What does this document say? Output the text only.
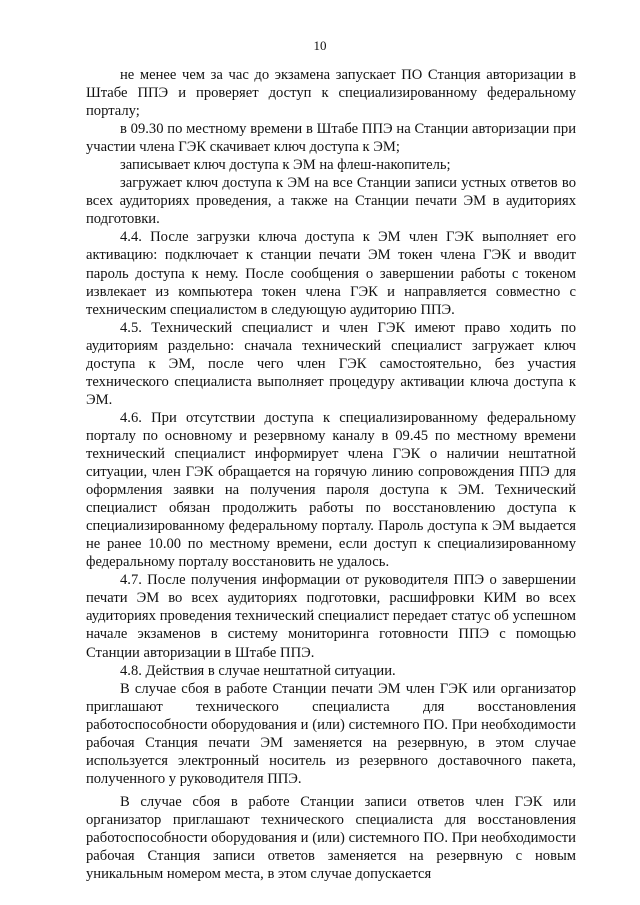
10

не менее чем за час до экзамена запускает ПО Станция авторизации в Штабе ППЭ и проверяет доступ к специализированному федеральному порталу;

в 09.30 по местному времени в Штабе ППЭ на Станции авторизации при участии члена ГЭК скачивает ключ доступа к ЭМ;

записывает ключ доступа к ЭМ на флеш-накопитель;

загружает ключ доступа к ЭМ на все Станции записи устных ответов во всех аудиториях проведения, а также на Станции печати ЭМ в аудиториях подготовки.

4.4. После загрузки ключа доступа к ЭМ член ГЭК выполняет его активацию: подключает к станции печати ЭМ токен члена ГЭК и вводит пароль доступа к нему. После сообщения о завершении работы с токеном извлекает из компьютера токен члена ГЭК и направляется совместно с техническим специалистом в следующую аудиторию ППЭ.

4.5. Технический специалист и член ГЭК имеют право ходить по аудиториям раздельно: сначала технический специалист загружает ключ доступа к ЭМ, после чего член ГЭК самостоятельно, без участия технического специалиста выполняет процедуру активации ключа доступа к ЭМ.

4.6. При отсутствии доступа к специализированному федеральному порталу по основному и резервному каналу в 09.45 по местному времени технический специалист информирует члена ГЭК о наличии нештатной ситуации, член ГЭК обращается на горячую линию сопровождения ППЭ для оформления заявки на получения пароля доступа к ЭМ. Технический специалист обязан продолжить работы по восстановлению доступа к специализированному федеральному порталу. Пароль доступа к ЭМ выдается не ранее 10.00 по местному времени, если доступ к специализированному федеральному порталу восстановить не удалось.

4.7. После получения информации от руководителя ППЭ о завершении печати ЭМ во всех аудиториях подготовки, расшифровки КИМ во всех аудиториях проведения технический специалист передает статус об успешном начале экзаменов в систему мониторинга готовности ППЭ с помощью Станции авторизации в Штабе ППЭ.

4.8. Действия в случае нештатной ситуации.

В случае сбоя в работе Станции печати ЭМ член ГЭК или организатор приглашают технического специалиста для восстановления работоспособности оборудования и (или) системного ПО. При необходимости рабочая Станция печати ЭМ заменяется на резервную, в этом случае используется электронный носитель из резервного доставочного пакета, полученного у руководителя ППЭ.

В случае сбоя в работе Станции записи ответов член ГЭК или организатор приглашают технического специалиста для восстановления работоспособности оборудования и (или) системного ПО. При необходимости рабочая Станция записи ответов заменяется на резервную с новым уникальным номером места, в этом случае допускается
